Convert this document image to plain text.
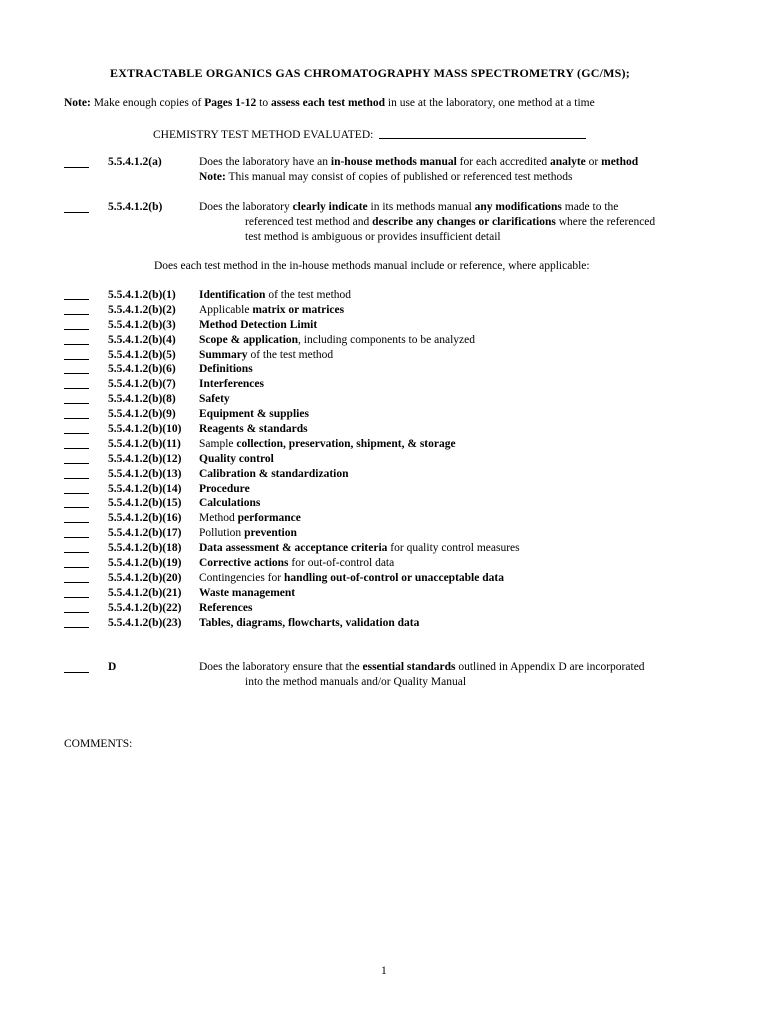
EXTRACTABLE ORGANICS GAS CHROMATOGRAPHY MASS SPECTROMETRY (GC/MS);
Note: Make enough copies of Pages 1-12 to assess each test method in use at the laboratory, one method at a time
CHEMISTRY TEST METHOD EVALUATED:
5.5.4.1.2(a)	Does the laboratory have an in-house methods manual for each accredited analyte or method
Note: This manual may consist of copies of published or referenced test methods
5.5.4.1.2(b)	Does the laboratory clearly indicate in its methods manual any modifications made to the
referenced test method and describe any changes or clarifications where the referenced
test method is ambiguous or provides insufficient detail
Does each test method in the in-house methods manual include or reference, where applicable:
5.5.4.1.2(b)(1) Identification of the test method
5.5.4.1.2(b)(2) Applicable matrix or matrices
5.5.4.1.2(b)(3) Method Detection Limit
5.5.4.1.2(b)(4) Scope & application, including components to be analyzed
5.5.4.1.2(b)(5) Summary of the test method
5.5.4.1.2(b)(6) Definitions
5.5.4.1.2(b)(7) Interferences
5.5.4.1.2(b)(8) Safety
5.5.4.1.2(b)(9) Equipment & supplies
5.5.4.1.2(b)(10) Reagents & standards
5.5.4.1.2(b)(11) Sample collection, preservation, shipment, & storage
5.5.4.1.2(b)(12) Quality control
5.5.4.1.2(b)(13) Calibration & standardization
5.5.4.1.2(b)(14) Procedure
5.5.4.1.2(b)(15) Calculations
5.5.4.1.2(b)(16) Method performance
5.5.4.1.2(b)(17) Pollution prevention
5.5.4.1.2(b)(18) Data assessment & acceptance criteria for quality control measures
5.5.4.1.2(b)(19) Corrective actions for out-of-control data
5.5.4.1.2(b)(20) Contingencies for handling out-of-control or unacceptable data
5.5.4.1.2(b)(21) Waste management
5.5.4.1.2(b)(22) References
5.5.4.1.2(b)(23) Tables, diagrams, flowcharts, validation data
D	Does the laboratory ensure that the essential standards outlined in Appendix D are incorporated
into the method manuals and/or Quality Manual
COMMENTS:
1
